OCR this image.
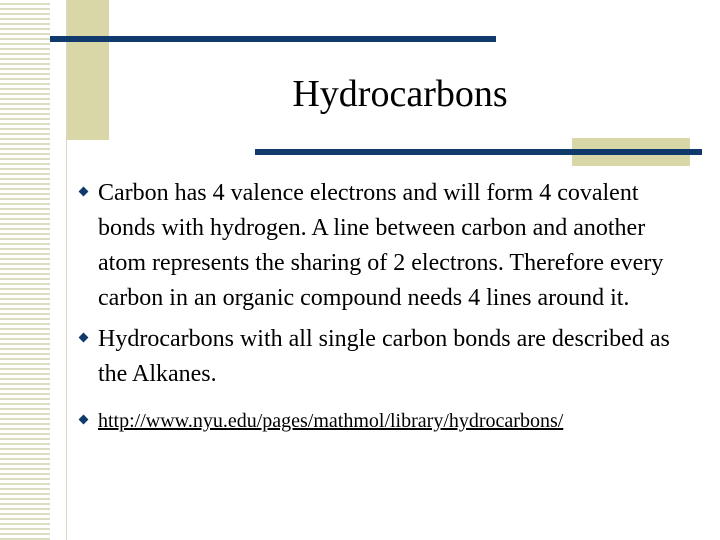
Hydrocarbons
Carbon has 4 valence electrons and will form 4 covalent bonds with hydrogen. A line between carbon and another atom represents the sharing of 2 electrons. Therefore every carbon in an organic compound needs 4 lines around it.
Hydrocarbons with all single carbon bonds are described as the Alkanes.
http://www.nyu.edu/pages/mathmol/library/hydrocarbons/
